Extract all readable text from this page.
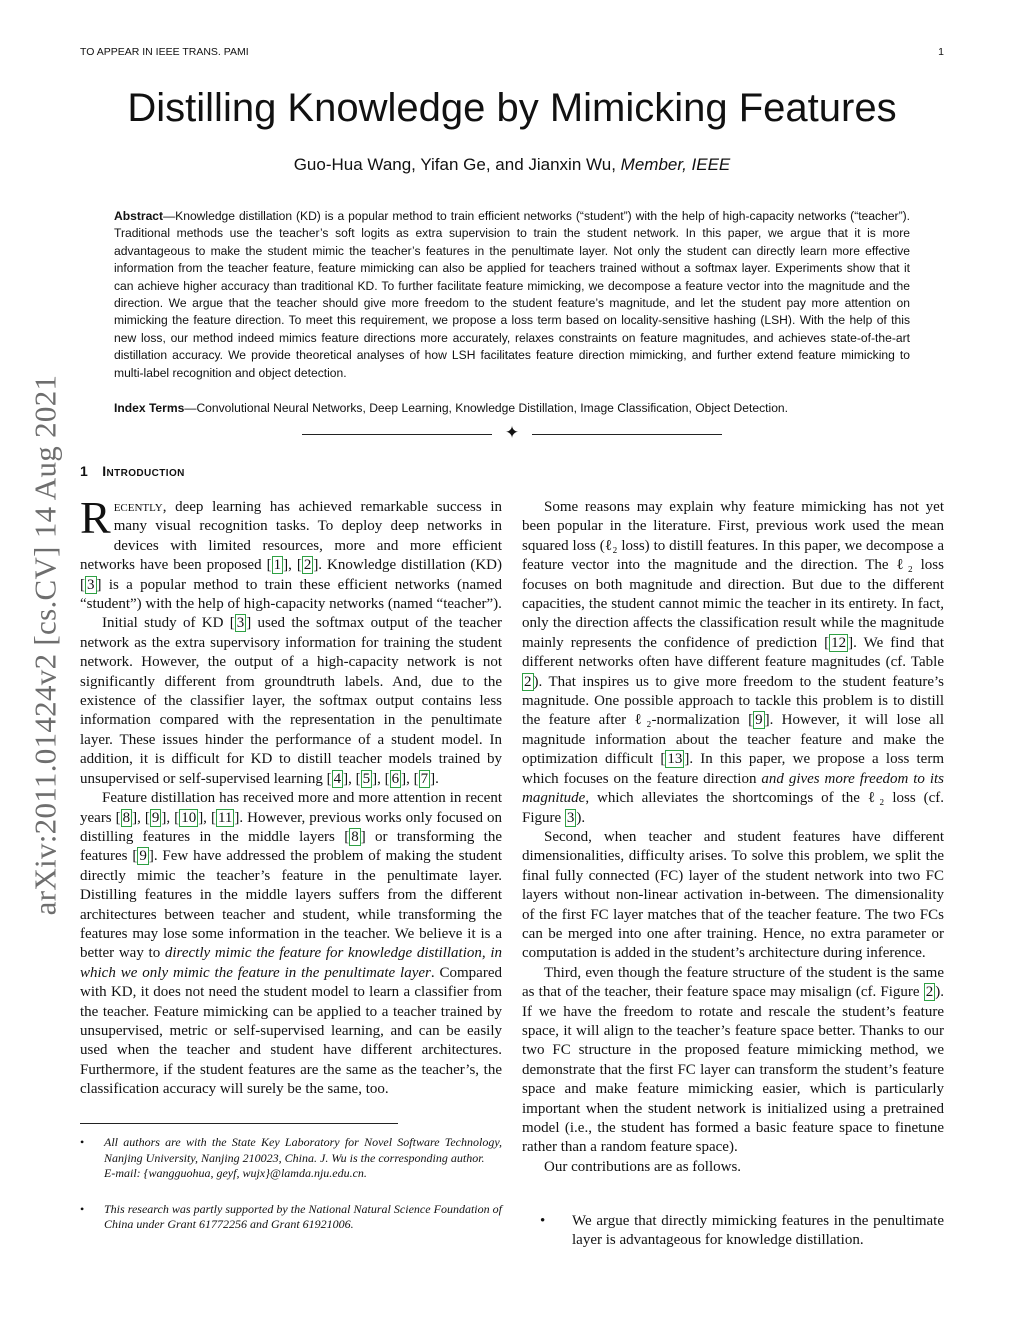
TO APPEAR IN IEEE TRANS. PAMI	1
arXiv:2011.01424v2 [cs.CV] 14 Aug 2021
Distilling Knowledge by Mimicking Features
Guo-Hua Wang, Yifan Ge, and Jianxin Wu, Member, IEEE
Abstract—Knowledge distillation (KD) is a popular method to train efficient networks (“student”) with the help of high-capacity networks (“teacher”). Traditional methods use the teacher’s soft logits as extra supervision to train the student network. In this paper, we argue that it is more advantageous to make the student mimic the teacher’s features in the penultimate layer. Not only the student can directly learn more effective information from the teacher feature, feature mimicking can also be applied for teachers trained without a softmax layer. Experiments show that it can achieve higher accuracy than traditional KD. To further facilitate feature mimicking, we decompose a feature vector into the magnitude and the direction. We argue that the teacher should give more freedom to the student feature’s magnitude, and let the student pay more attention on mimicking the feature direction. To meet this requirement, we propose a loss term based on locality-sensitive hashing (LSH). With the help of this new loss, our method indeed mimics feature directions more accurately, relaxes constraints on feature magnitudes, and achieves state-of-the-art distillation accuracy. We provide theoretical analyses of how LSH facilitates feature direction mimicking, and further extend feature mimicking to multi-label recognition and object detection.
Index Terms—Convolutional Neural Networks, Deep Learning, Knowledge Distillation, Image Classification, Object Detection.
✦
1 Introduction

Recently, deep learning has achieved remarkable success in many visual recognition tasks. To deploy deep networks in devices with limited resources, more and more efficient networks have been proposed [ 1 ], [ 2 ]. Knowledge distillation (KD) [ 3 ] is a popular method to train these efficient networks (named “student”) with the help of high-capacity networks (named “teacher”).

Initial study of KD [ 3 ] used the softmax output of the teacher network as the extra supervisory information for training the student network. However, the output of a high-capacity network is not significantly different from groundtruth labels. And, due to the existence of the classifier layer, the softmax output contains less information compared with the representation in the penultimate layer. These issues hinder the performance of a student model. In addition, it is difficult for KD to distill teacher models trained by unsupervised or self-supervised learning [ 4 ], [ 5 ], [ 6 ], [ 7 ].

Feature distillation has received more and more attention in recent years [ 8 ], [ 9 ], [ 10 ], [ 11 ]. However, previous works only focused on distilling features in the middle layers [ 8 ] or transforming the features [ 9 ]. Few have addressed the problem of making the student directly mimic the teacher’s feature in the penultimate layer. Distilling features in the middle layers suffers from the different architectures between teacher and student, while transforming the features may lose some information in the teacher. We believe it is a better way to directly mimic the feature for knowledge distillation, in which we only mimic the feature in the penultimate layer. Compared with KD, it does not need the student model to learn a classifier from the teacher. Feature mimicking can be applied to a teacher trained by unsupervised, metric or self-supervised learning, and can be easily used when the teacher and student have different architectures. Furthermore, if the student features are the same as the teacher’s, the classification accuracy will surely be the same, too.

• All authors are with the State Key Laboratory for Novel Software Technology, Nanjing University, Nanjing 210023, China. J. Wu is the corresponding author.
E-mail: {wangguohua, geyf, wujx}@lamda.nju.edu.cn.
• This research was partly supported by the National Natural Science Foundation of China under Grant 61772256 and Grant 61921006.

Some reasons may explain why feature mimicking has not yet been popular in the literature. First, previous work used the mean squared loss (ℓ₂ loss) to distill features. In this paper, we decompose a feature vector into the magnitude and the direction. The ℓ₂ loss focuses on both magnitude and direction. But due to the different capacities, the student cannot mimic the teacher in its entirety. In fact, only the direction affects the classification result while the magnitude mainly represents the confidence of prediction [ 12 ]. We find that different networks often have different feature magnitudes (cf. Table 2 ). That inspires us to give more freedom to the student feature’s magnitude. One possible approach to tackle this problem is to distill the feature after ℓ₂-normalization [ 9 ]. However, it will lose all magnitude information about the teacher feature and make the optimization difficult [ 13 ]. In this paper, we propose a loss term which focuses on the feature direction and gives more freedom to its magnitude, which alleviates the shortcomings of the ℓ₂ loss (cf. Figure 3 ).

Second, when teacher and student features have different dimensionalities, difficulty arises. To solve this problem, we split the final fully connected (FC) layer of the student network into two FC layers without non-linear activation in-between. The dimensionality of the first FC layer matches that of the teacher feature. The two FCs can be merged into one after training. Hence, no extra parameter or computation is added in the student’s architecture during inference.

Third, even though the feature structure of the student is the same as that of the teacher, their feature space may misalign (cf. Figure 2 ). If we have the freedom to rotate and rescale the student’s feature space, it will align to the teacher’s feature space better. Thanks to our two FC structure in the proposed feature mimicking method, we demonstrate that the first FC layer can transform the student’s feature space and make feature mimicking easier, which is particularly important when the student network is initialized using a pretrained model (i.e., the student has formed a basic feature space to finetune rather than a random feature space).

Our contributions are as follows.

• We argue that directly mimicking features in the penultimate layer is advantageous for knowledge distillation.
